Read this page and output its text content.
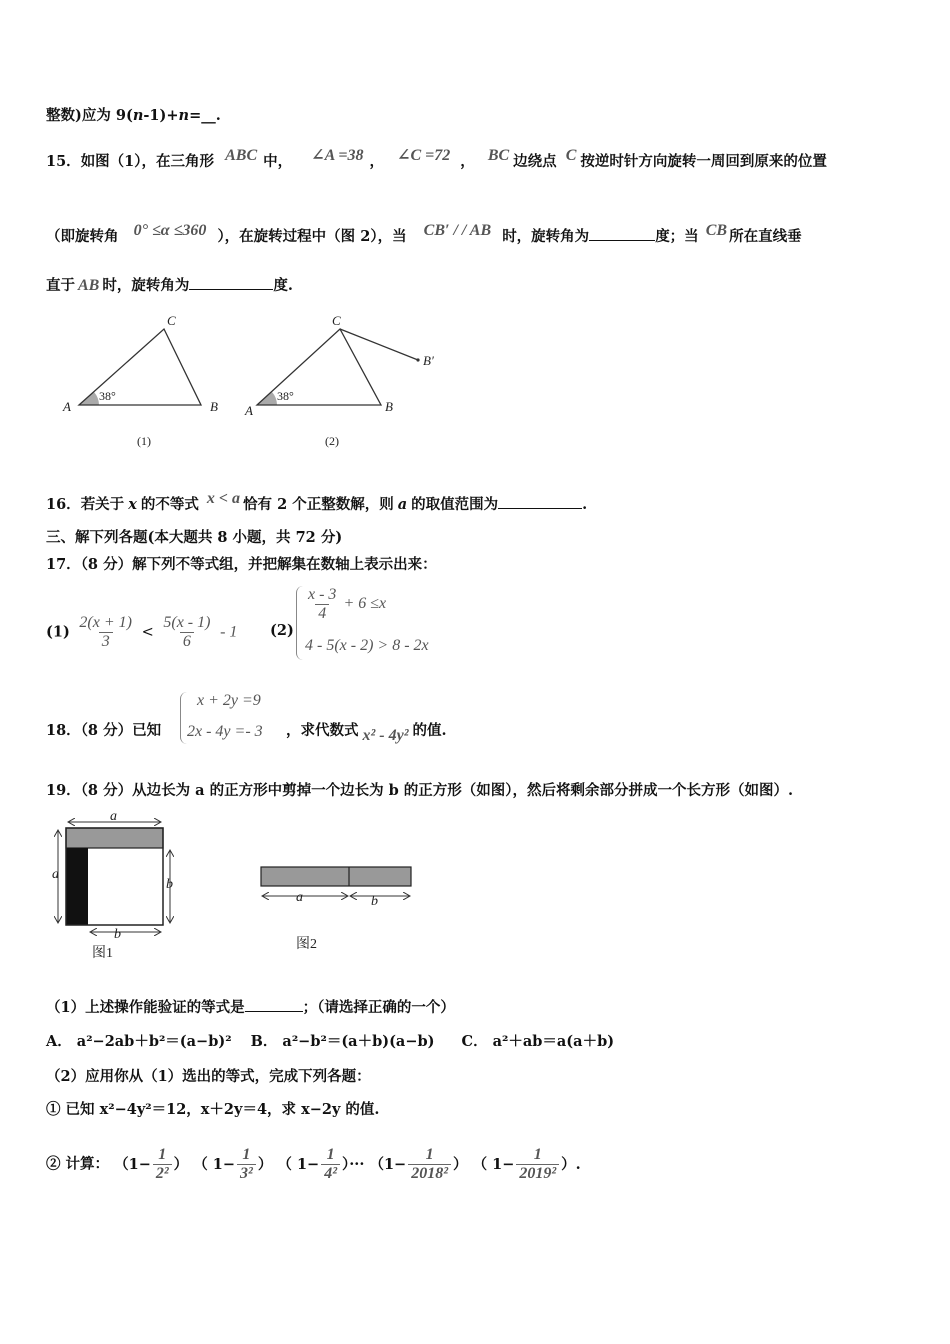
整数)应为 9(n-1)+n=__.
15．如图（1），在三角形 ABC 中， ∠A =38 ， ∠C =72 ， BC 边绕点 C 按逆时针方向旋转一周回到原来的位置
（即旋转角 0° ≤α ≤360 ），在旋转过程中（图 2），当 CB′ / / AB 时，旋转角为	度；当 CB 所在直线垂
直于 AB 时，旋转角为	度.
38°
A	B
C
(1)
38°
A	B
C
B′
(2)
16．若关于 x 的不等式 x < a 恰有 2 个正整数解，则 a 的取值范围为	.
三、解下列各题(本大题共 8 小题，共 72 分)
17．（8 分）解下列不等式组，并把解集在数轴上表示出来：
$(1) \frac{2(x + 1)}{3} < \frac{5(x - 1)}{6} - 1$ (2)
$\frac{x - 3}{4} + 6 \le x$
4 - 5(x - 2) > 8 - 2x
18．（8 分）已知
x + 2y =9
2x - 4y =- 3 ，求代数式 x² - 4y² 的值.
19．（8 分）从边长为 a 的正方形中剪掉一个边长为 b 的正方形（如图），然后将剩余部分拼成一个长方形（如图）.
a
a
b
b
图1
a	b
图2
（1）上述操作能验证的等式是	；（请选择正确的一个）
A． a²−2ab＋b²＝(a−b)² B． a²−b²＝(a＋b)(a−b) C． a²＋ab＝a(a＋b)
（2）应用你从（1）选出的等式，完成下列各题：
① 已知 x²−4y²＝12，x＋2y＝4，求 x−2y 的值.
② 计算： （$1- \frac{1}{\text{2²}}$ ） （ $1- \frac{1}{\text{3²}}$ ） （ $1- \frac{1}{\text{4²}}$ ）··· （$1- \frac{1}{\text{2018²}}$ ） （ $1- \frac{1}{\text{2019²}}$ ）.
